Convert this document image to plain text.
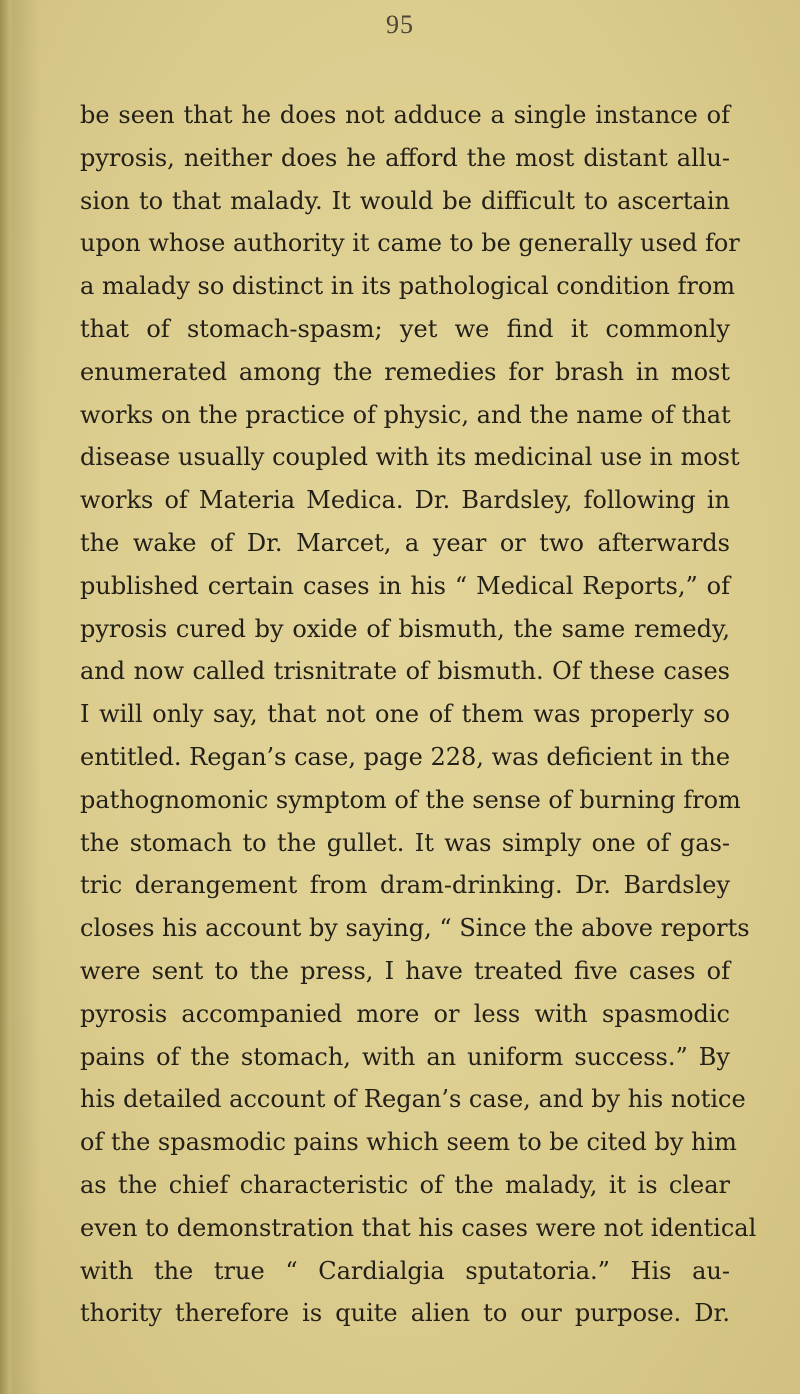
95
be seen that he does not adduce a single instance of
pyrosis, neither does he afford the most distant allu-
sion to that malady. It would be difficult to ascertain
upon whose authority it came to be generally used for
a malady so distinct in its pathological condition from
that of stomach-spasm; yet we find it commonly
enumerated among the remedies for brash in most
works on the practice of physic, and the name of that
disease usually coupled with its medicinal use in most
works of Materia Medica. Dr. Bardsley, following in
the wake of Dr. Marcet, a year or two afterwards
published certain cases in his “ Medical Reports,” of
pyrosis cured by oxide of bismuth, the same remedy,
and now called trisnitrate of bismuth. Of these cases
I will only say, that not one of them was properly so
entitled. Regan’s case, page 228, was deficient in the
pathognomonic symptom of the sense of burning from
the stomach to the gullet. It was simply one of gas-
tric derangement from dram-drinking. Dr. Bardsley
closes his account by saying, “ Since the above reports
were sent to the press, I have treated five cases of
pyrosis accompanied more or less with spasmodic
pains of the stomach, with an uniform success.” By
his detailed account of Regan’s case, and by his notice
of the spasmodic pains which seem to be cited by him
as the chief characteristic of the malady, it is clear
even to demonstration that his cases were not identical
with the true “ Cardialgia sputatoria.” His au-
thority therefore is quite alien to our purpose. Dr.
